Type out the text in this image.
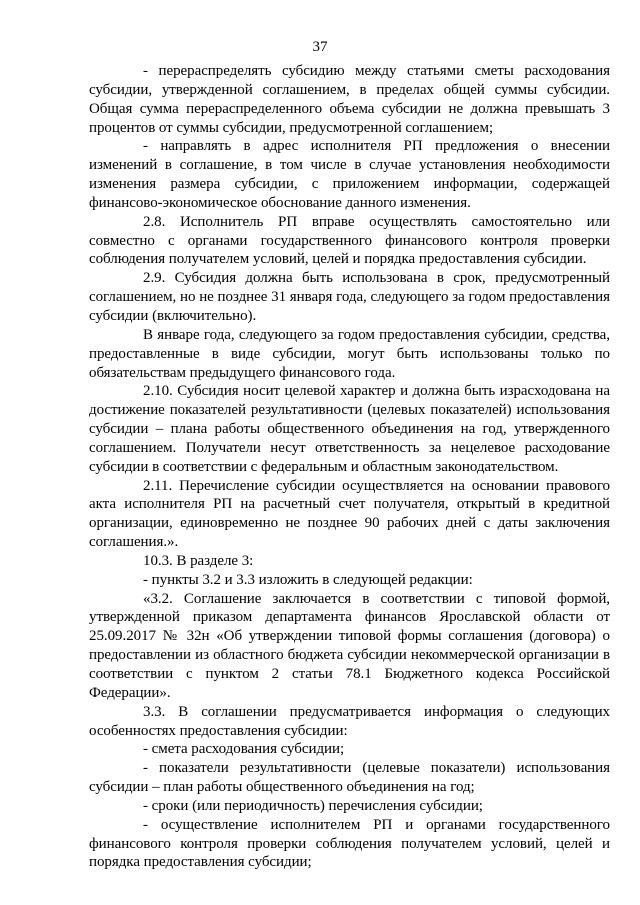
37

- перераспределять субсидию между статьями сметы расходования субсидии, утвержденной соглашением, в пределах общей суммы субсидии. Общая сумма перераспределенного объема субсидии не должна превышать 3 процентов от суммы субсидии, предусмотренной соглашением;

- направлять в адрес исполнителя РП предложения о внесении изменений в соглашение, в том числе в случае установления необходимости изменения размера субсидии, с приложением информации, содержащей финансово-экономическое обоснование данного изменения.

2.8. Исполнитель РП вправе осуществлять самостоятельно или совместно с органами государственного финансового контроля проверки соблюдения получателем условий, целей и порядка предоставления субсидии.

2.9. Субсидия должна быть использована в срок, предусмотренный соглашением, но не позднее 31 января года, следующего за годом предоставления субсидии (включительно).

В январе года, следующего за годом предоставления субсидии, средства, предоставленные в виде субсидии, могут быть использованы только по обязательствам предыдущего финансового года.

2.10. Субсидия носит целевой характер и должна быть израсходована на достижение показателей результативности (целевых показателей) использования субсидии – плана работы общественного объединения на год, утвержденного соглашением. Получатели несут ответственность за нецелевое расходование субсидии в соответствии с федеральным и областным законодательством.

2.11. Перечисление субсидии осуществляется на основании правового акта исполнителя РП на расчетный счет получателя, открытый в кредитной организации, единовременно не позднее 90 рабочих дней с даты заключения соглашения.».

10.3. В разделе 3:

- пункты 3.2 и 3.3 изложить в следующей редакции:

«3.2. Соглашение заключается в соответствии с типовой формой, утвержденной приказом департамента финансов Ярославской области от 25.09.2017 № 32н «Об утверждении типовой формы соглашения (договора) о предоставлении из областного бюджета субсидии некоммерческой организации в соответствии с пунктом 2 статьи 78.1 Бюджетного кодекса Российской Федерации».

3.3. В соглашении предусматривается информация о следующих особенностях предоставления субсидии:

- смета расходования субсидии;

- показатели результативности (целевые показатели) использования субсидии – план работы общественного объединения на год;

- сроки (или периодичность) перечисления субсидии;

- осуществление исполнителем РП и органами государственного финансового контроля проверки соблюдения получателем условий, целей и порядка предоставления субсидии;
